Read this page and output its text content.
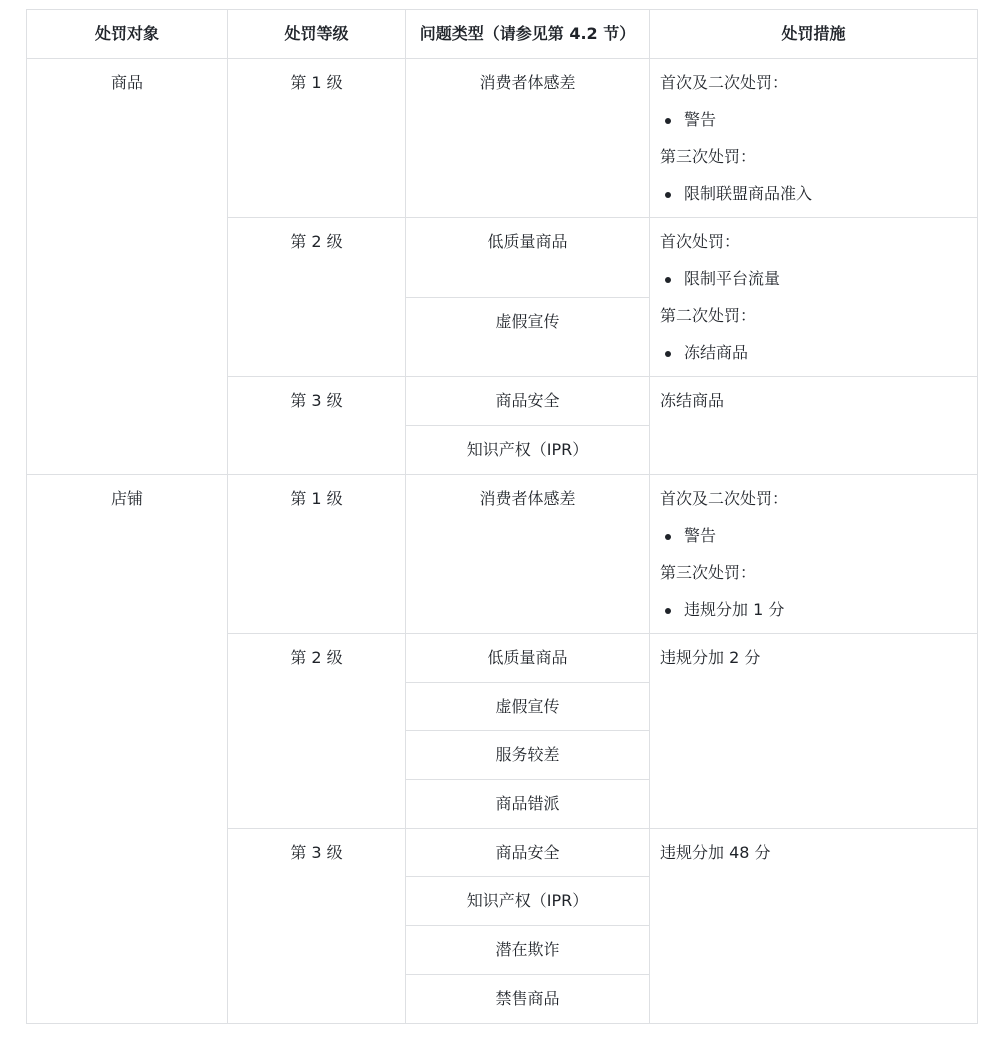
处罚对象	处罚等级	问题类型（请参见第 4.2 节）	处罚措施
商品	第 1 级	消费者体感差	首次及二次处罚：
警告
第三次处罚：
限制联盟商品准入

	第 2 级	低质量商品	首次处罚：
限制平台流量
第二次处罚：
冻结商品

		虚假宣传	
	第 3 级	商品安全	冻结商品

		知识产权（IPR）	
店铺	第 1 级	消费者体感差	首次及二次处罚：
警告
第三次处罚：
违规分加 1 分

	第 2 级	低质量商品	违规分加 2 分

		虚假宣传	
		服务较差	
		商品错派	
	第 3 级	商品安全	违规分加 48 分

		知识产权（IPR）	
		潜在欺诈	
		禁售商品	
